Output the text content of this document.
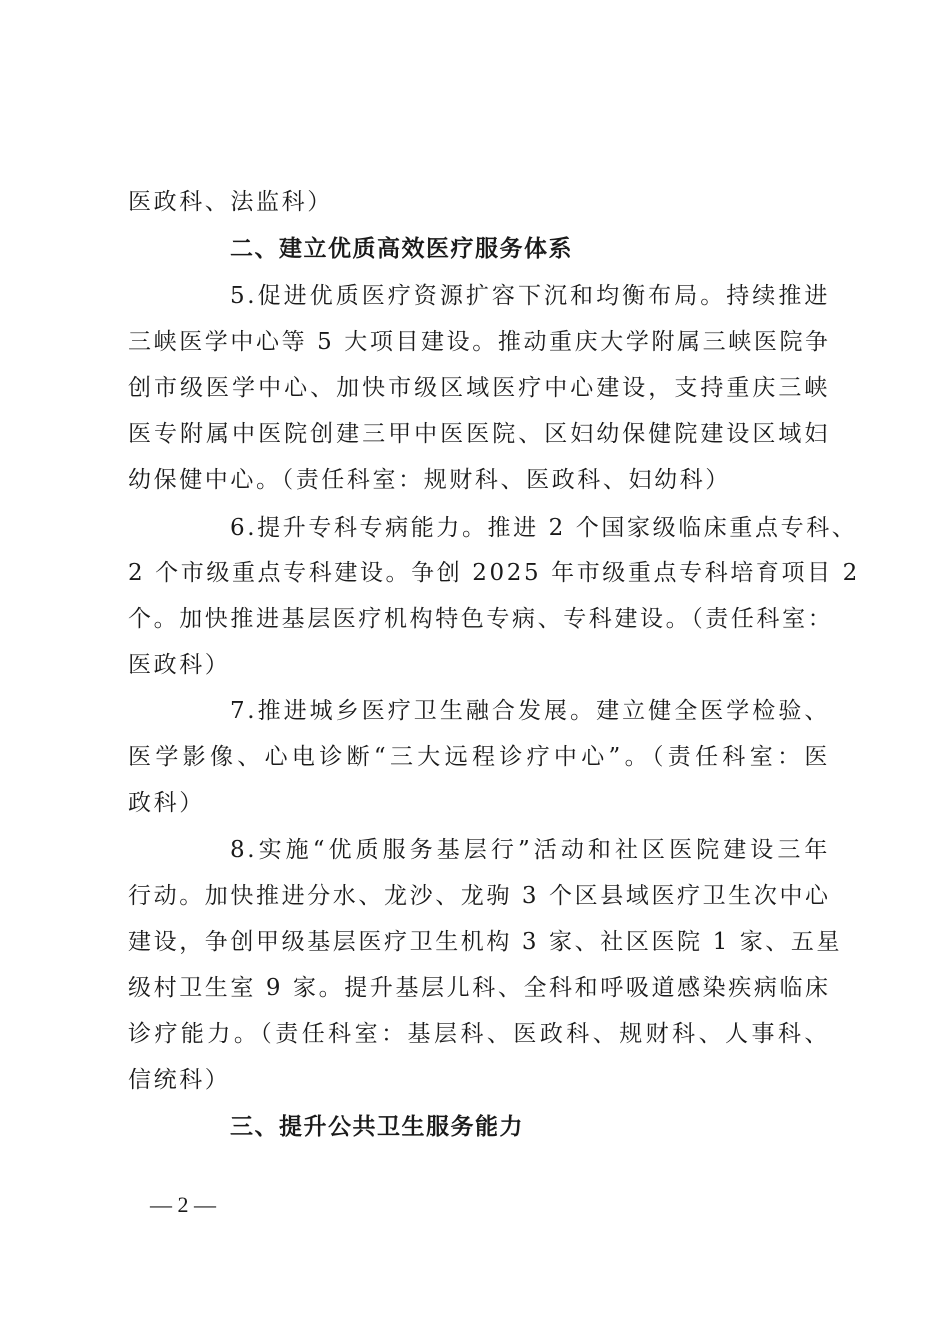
医政科、法监科）
二、建立优质高效医疗服务体系
5.促进优质医疗资源扩容下沉和均衡布局。持续推进
三峡医学中心等 5 大项目建设。推动重庆大学附属三峡医院争
创市级医学中心、加快市级区域医疗中心建设，支持重庆三峡
医专附属中医院创建三甲中医医院、区妇幼保健院建设区域妇
幼保健中心。（责任科室：规财科、医政科、妇幼科）
6.提升专科专病能力。推进 2 个国家级临床重点专科、
2 个市级重点专科建设。争创 2025 年市级重点专科培育项目 2
个。加快推进基层医疗机构特色专病、专科建设。（责任科室：
医政科）
7.推进城乡医疗卫生融合发展。建立健全医学检验、
医学影像、心电诊断“三大远程诊疗中心”。（责任科室：医
政科）
8.实施“优质服务基层行”活动和社区医院建设三年
行动。加快推进分水、龙沙、龙驹 3 个区县域医疗卫生次中心
建设，争创甲级基层医疗卫生机构 3 家、社区医院 1 家、五星
级村卫生室 9 家。提升基层儿科、全科和呼吸道感染疾病临床
诊疗能力。（责任科室：基层科、医政科、规财科、人事科、
信统科）
三、提升公共卫生服务能力
— 2 —
